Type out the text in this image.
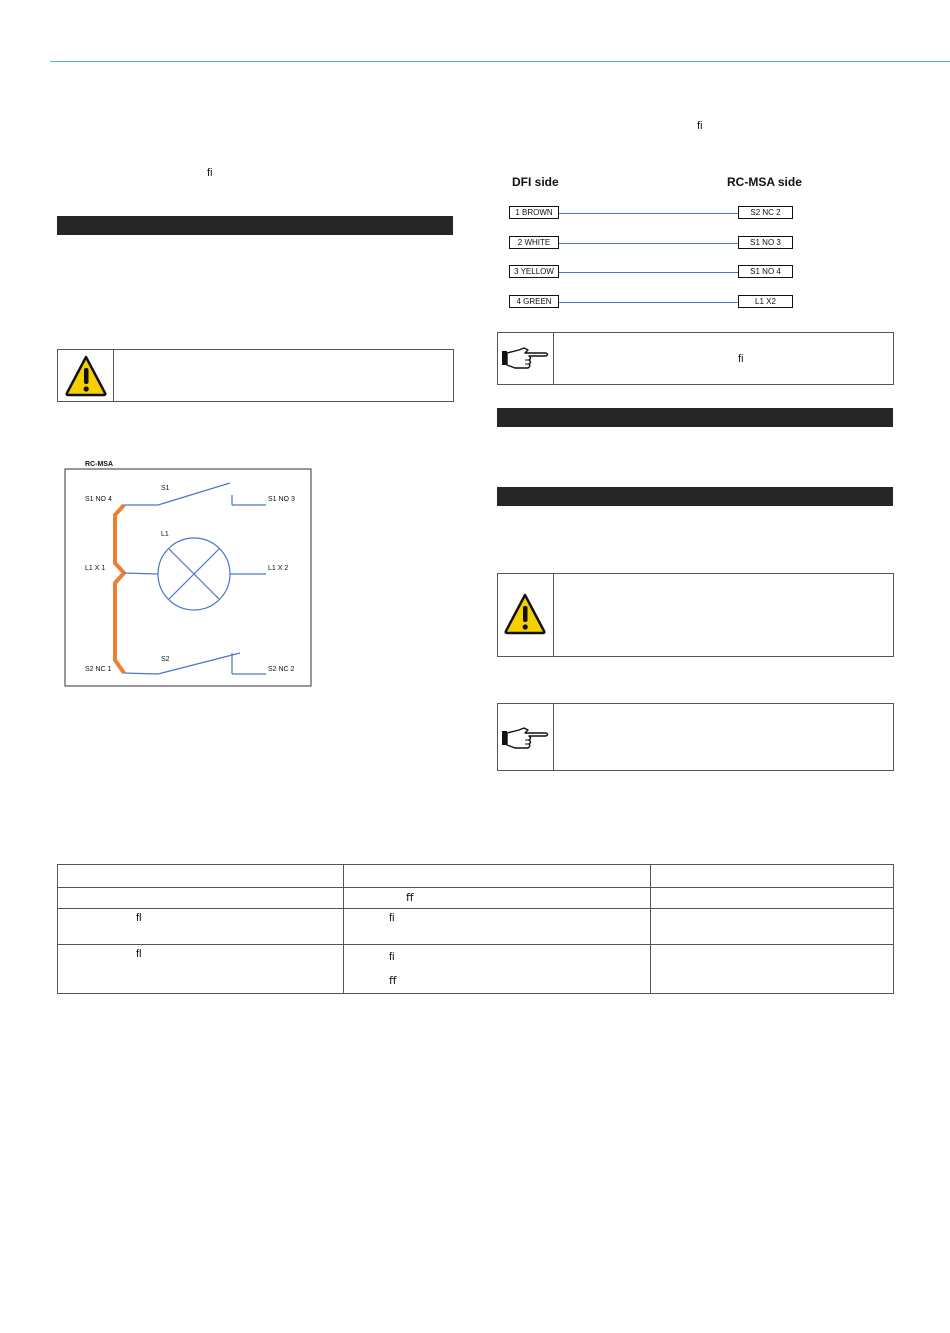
ﬁ
RC-MSA
S1
S1 NO 4	S1 NO 3
L1
L1 X 1	L1 X 2
S2
S2 NC 1	S2 NC 2
ﬁ
DFI side	RC-MSA side
1 BROWN	S2 NC 2
2 WHITE	S1 NO 3
3 YELLOW	S1 NO 4
4 GREEN	L1 X2
ﬁ

	ﬀ	
ﬂ	ﬁ	
ﬂ	ﬁ
ﬀ	
